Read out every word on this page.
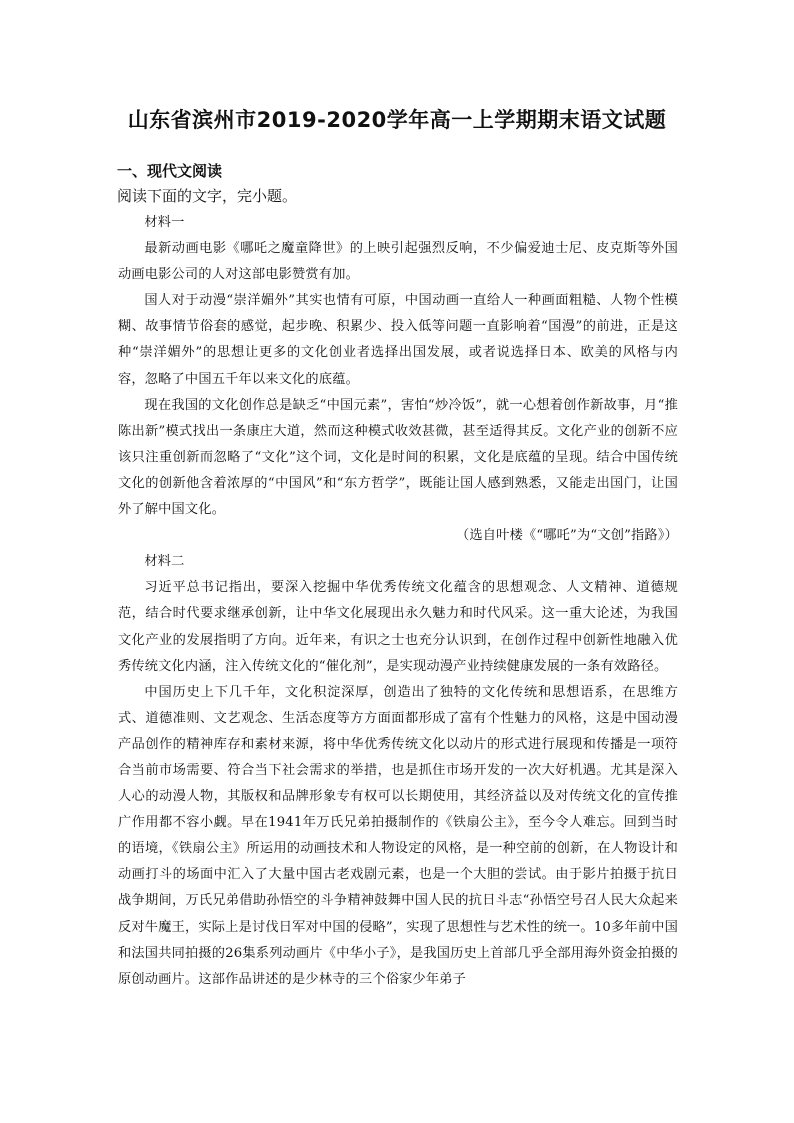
山东省滨州市2019-2020学年高一上学期期末语文试题
一、现代文阅读
阅读下面的文字，完小题。

材料一

最新动画电影《哪吒之魔童降世》的上映引起强烈反响，不少偏爱迪士尼、皮克斯等外国动画电影公司的人对这部电影赞赏有加。

国人对于动漫“崇洋媚外”其实也情有可原，中国动画一直给人一种画面粗糙、人物个性模糊、故事情节俗套的感觉，起步晚、积累少、投入低等问题一直影响着“国漫”的前进，正是这种“崇洋媚外”的思想让更多的文化创业者选择出国发展，或者说选择日本、欧美的风格与内容，忽略了中国五千年以来文化的底蕴。

现在我国的文化创作总是缺乏“中国元素”，害怕“炒冷饭”，就一心想着创作新故事，月“推陈出新”模式找出一条康庄大道，然而这种模式收效甚微，甚至适得其反。文化产业的创新不应该只注重创新而忽略了“文化”这个词，文化是时间的积累，文化是底蕴的呈现。结合中国传统文化的创新他含着浓厚的“中国风”和“东方哲学”，既能让国人感到熟悉，又能走出国门，让国外了解中国文化。

（选自叶楼《“哪吒”为“文创”指路》）

材料二

习近平总书记指出，要深入挖掘中华优秀传统文化蕴含的思想观念、人文精神、道德规范，结合时代要求继承创新，让中华文化展现出永久魅力和时代风采。这一重大论述，为我国文化产业的发展指明了方向。近年来，有识之士也充分认识到，在创作过程中创新性地融入优秀传统文化内涵，注入传统文化的“催化剂”，是实现动漫产业持续健康发展的一条有效路径。

中国历史上下几千年，文化积淀深厚，创造出了独特的文化传统和思想语系，在思维方式、道德准则、文艺观念、生活态度等方方面面都形成了富有个性魅力的风格，这是中国动漫产品创作的精神库存和素材来源，将中华优秀传统文化以动片的形式进行展现和传播是一项符合当前市场需要、符合当下社会需求的举措，也是抓住市场开发的一次大好机遇。尤其是深入人心的动漫人物，其版权和品牌形象专有权可以长期使用，其经济益以及对传统文化的宣传推广作用都不容小觑。早在1941年万氏兄弟拍摄制作的《铁扇公主》，至今令人难忘。回到当时的语境，《铁扇公主》所运用的动画技术和人物设定的风格，是一种空前的创新，在人物设计和动画打斗的场面中汇入了大量中国古老戏剧元素，也是一个大胆的尝试。由于影片拍摄于抗日战争期间，万氏兄弟借助孙悟空的斗争精神鼓舞中国人民的抗日斗志“孙悟空号召人民大众起来反对牛魔王，实际上是讨伐日军对中国的侵略”，实现了思想性与艺术性的统一。10多年前中国和法国共同拍摄的26集系列动画片《中华小子》，是我国历史上首部几乎全部用海外资金拍摄的原创动画片。这部作品讲述的是少林寺的三个俗家少年弟子
